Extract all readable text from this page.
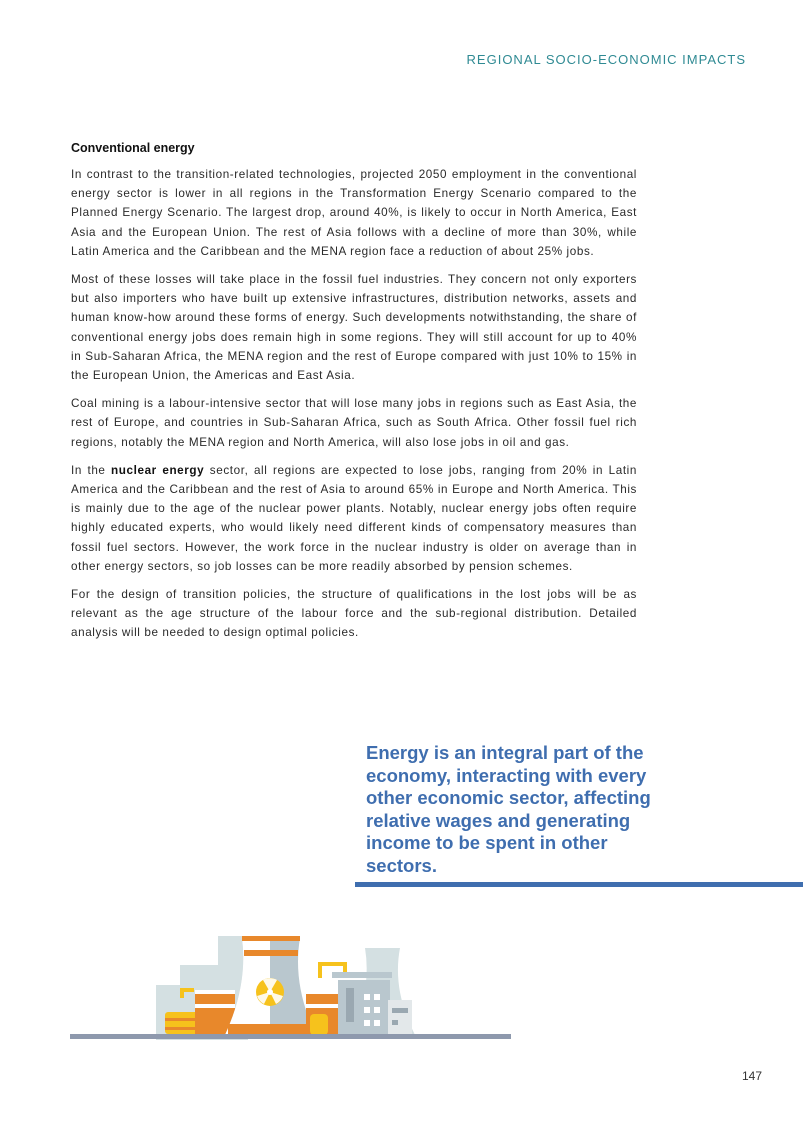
REGIONAL SOCIO-ECONOMIC IMPACTS
Conventional energy

In contrast to the transition-related technologies, projected 2050 employment in the conventional energy sector is lower in all regions in the Transformation Energy Scenario compared to the Planned Energy Scenario. The largest drop, around 40%, is likely to occur in North America, East Asia and the European Union. The rest of Asia follows with a decline of more than 30%, while Latin America and the Caribbean and the MENA region face a reduction of about 25% jobs.

Most of these losses will take place in the fossil fuel industries. They concern not only exporters but also importers who have built up extensive infrastructures, distribution networks, assets and human know-how around these forms of energy. Such developments notwithstanding, the share of conventional energy jobs does remain high in some regions. They will still account for up to 40% in Sub-Saharan Africa, the MENA region and the rest of Europe compared with just 10% to 15% in the European Union, the Americas and East Asia.

Coal mining is a labour-intensive sector that will lose many jobs in regions such as East Asia, the rest of Europe, and countries in Sub-Saharan Africa, such as South Africa. Other fossil fuel rich regions, notably the MENA region and North America, will also lose jobs in oil and gas.

In the nuclear energy sector, all regions are expected to lose jobs, ranging from 20% in Latin America and the Caribbean and the rest of Asia to around 65% in Europe and North America. This is mainly due to the age of the nuclear power plants. Notably, nuclear energy jobs often require highly educated experts, who would likely need different kinds of compensatory measures than fossil fuel sectors. However, the work force in the nuclear industry is older on average than in other energy sectors, so job losses can be more readily absorbed by pension schemes.

For the design of transition policies, the structure of qualifications in the lost jobs will be as relevant as the age structure of the labour force and the sub-regional distribution. Detailed analysis will be needed to design optimal policies.

Energy is an integral part of the economy, interacting with every other economic sector, affecting relative wages and generating income to be spent in other sectors.
147
